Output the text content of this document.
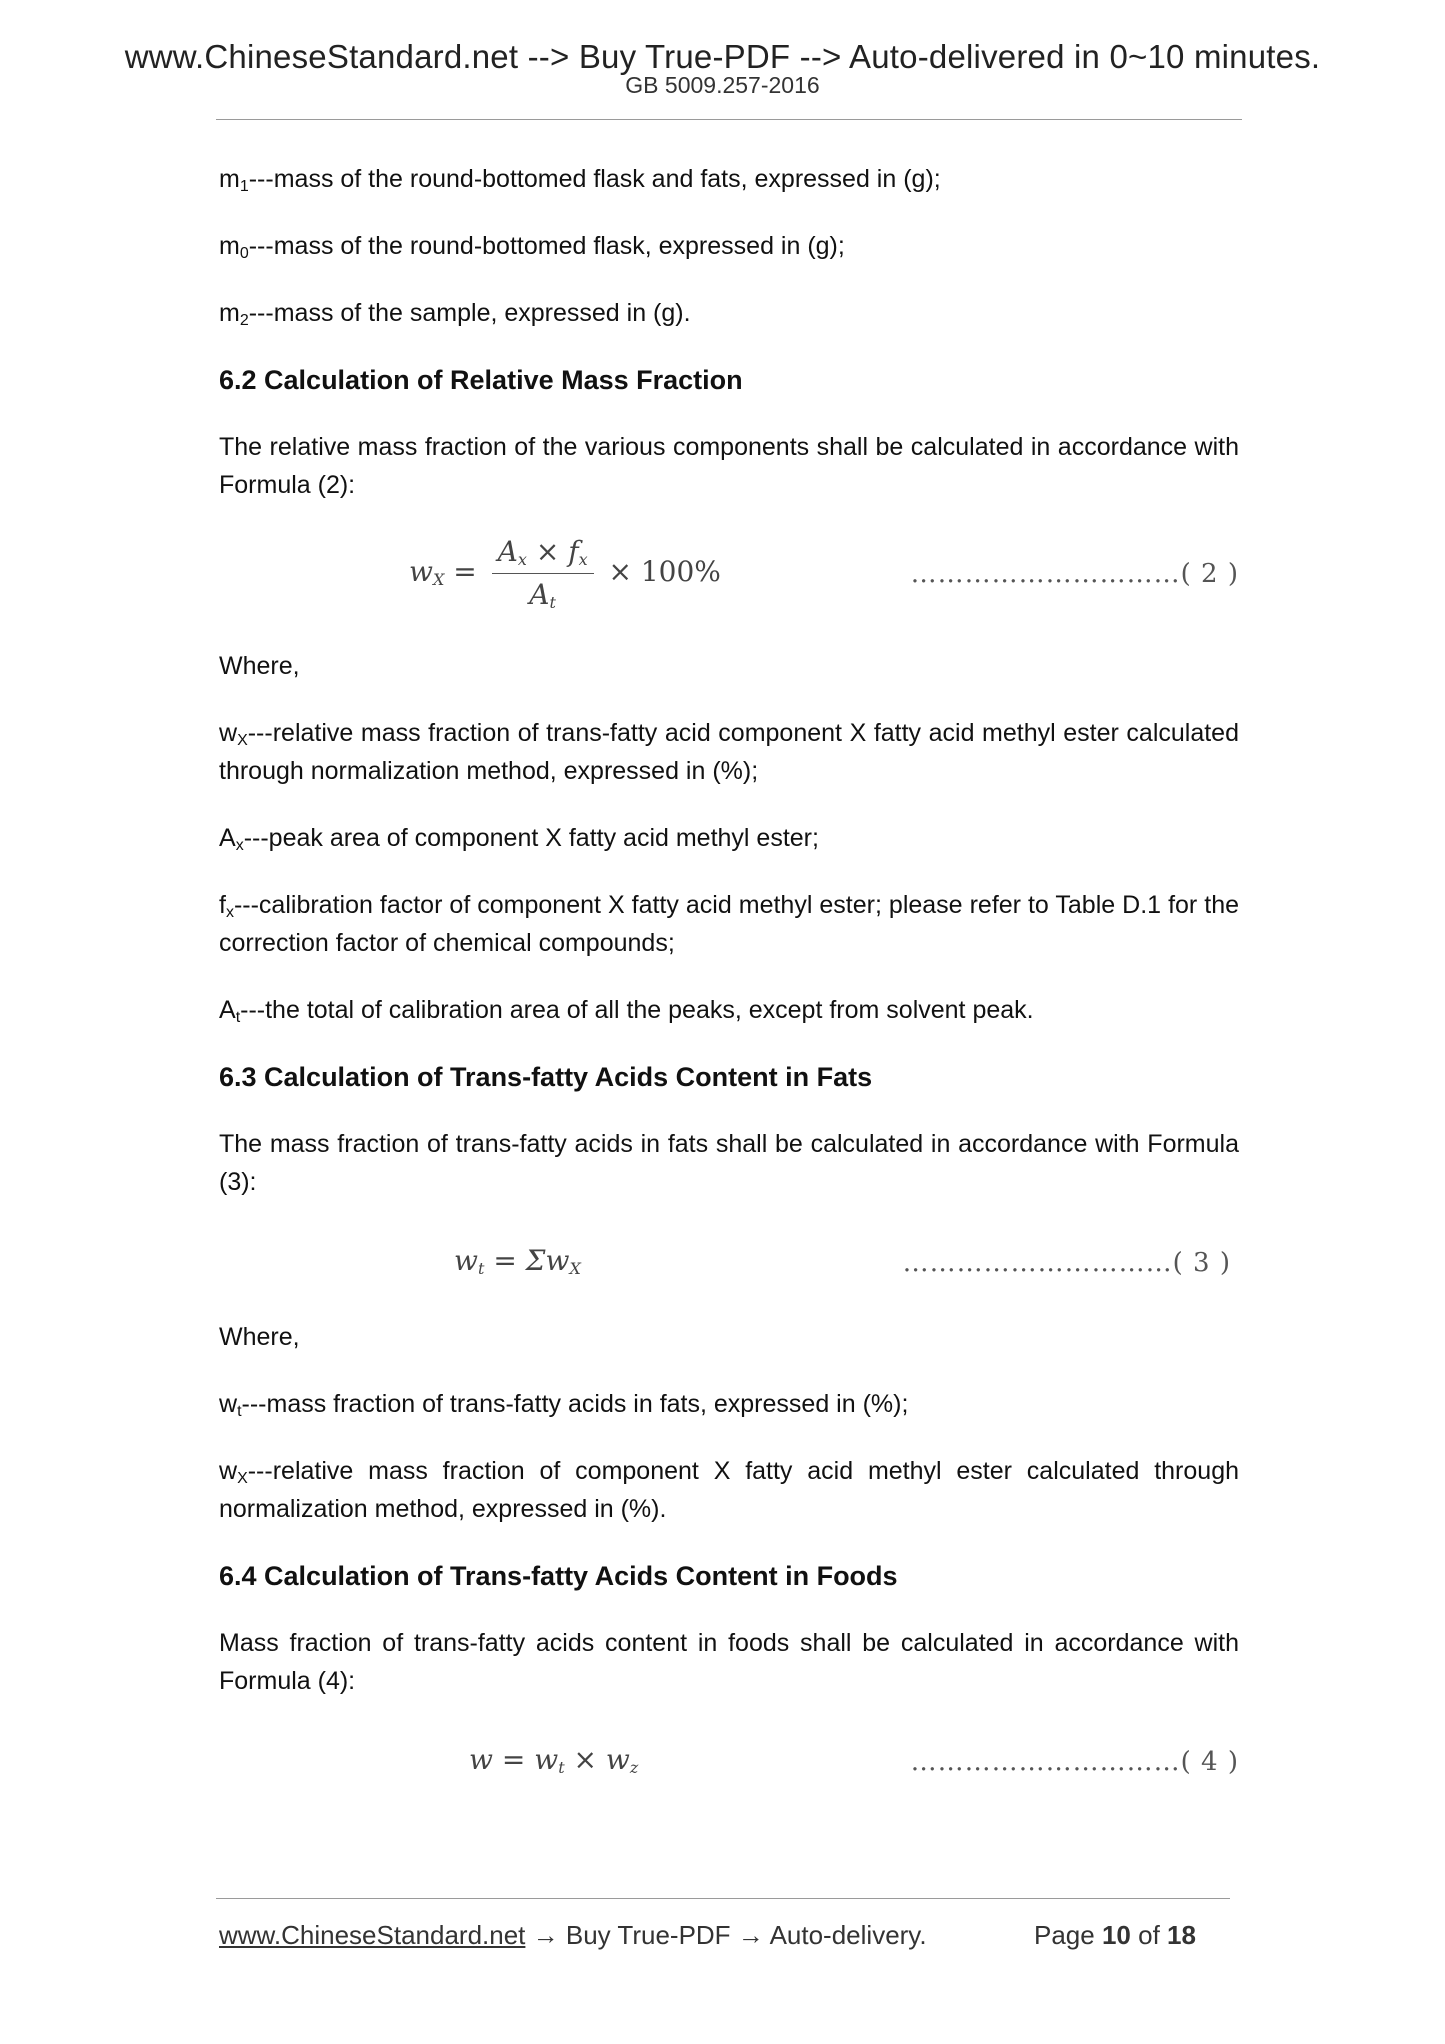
www.ChineseStandard.net --> Buy True-PDF --> Auto-delivered in 0~10 minutes.
GB 5009.257-2016

$m_1--$-mass of the round-bottomed flask and fats, expressed in (g);

$m_0--$-mass of the round-bottomed flask, expressed in (g);

$m_2--$-mass of the sample, expressed in (g).

6.2 Calculation of Relative Mass Fraction

The relative mass fraction of the various components shall be calculated in accordance with Formula (2):

$w_X = \frac{A_x \times f_x}{A_t} \times 100\%$	…………………………( 2 )

Where,

$w_X--$-relative mass fraction of trans-fatty acid component X fatty acid methyl ester calculated through normalization method, expressed in (%);

$A_x--$-peak area of component X fatty acid methyl ester;

$f_x--$-calibration factor of component X fatty acid methyl ester; please refer to Table D.1 for the correction factor of chemical compounds;

$A_t--$-the total of calibration area of all the peaks, except from solvent peak.

6.3 Calculation of Trans-fatty Acids Content in Fats

The mass fraction of trans-fatty acids in fats shall be calculated in accordance with Formula (3):

$w_t = \Sigma w_X$	…………………………( 3 )

Where,

$w_t--$-mass fraction of trans-fatty acids in fats, expressed in (%);

$w_X--$-relative mass fraction of component X fatty acid methyl ester calculated through normalization method, expressed in (%).

6.4 Calculation of Trans-fatty Acids Content in Foods

Mass fraction of trans-fatty acids content in foods shall be calculated in accordance with Formula (4):

$w = w_t \times w_z$	…………………………( 4 )
www.ChineseStandard.net → Buy True-PDF → Auto-delivery.	Page 10 of 18
